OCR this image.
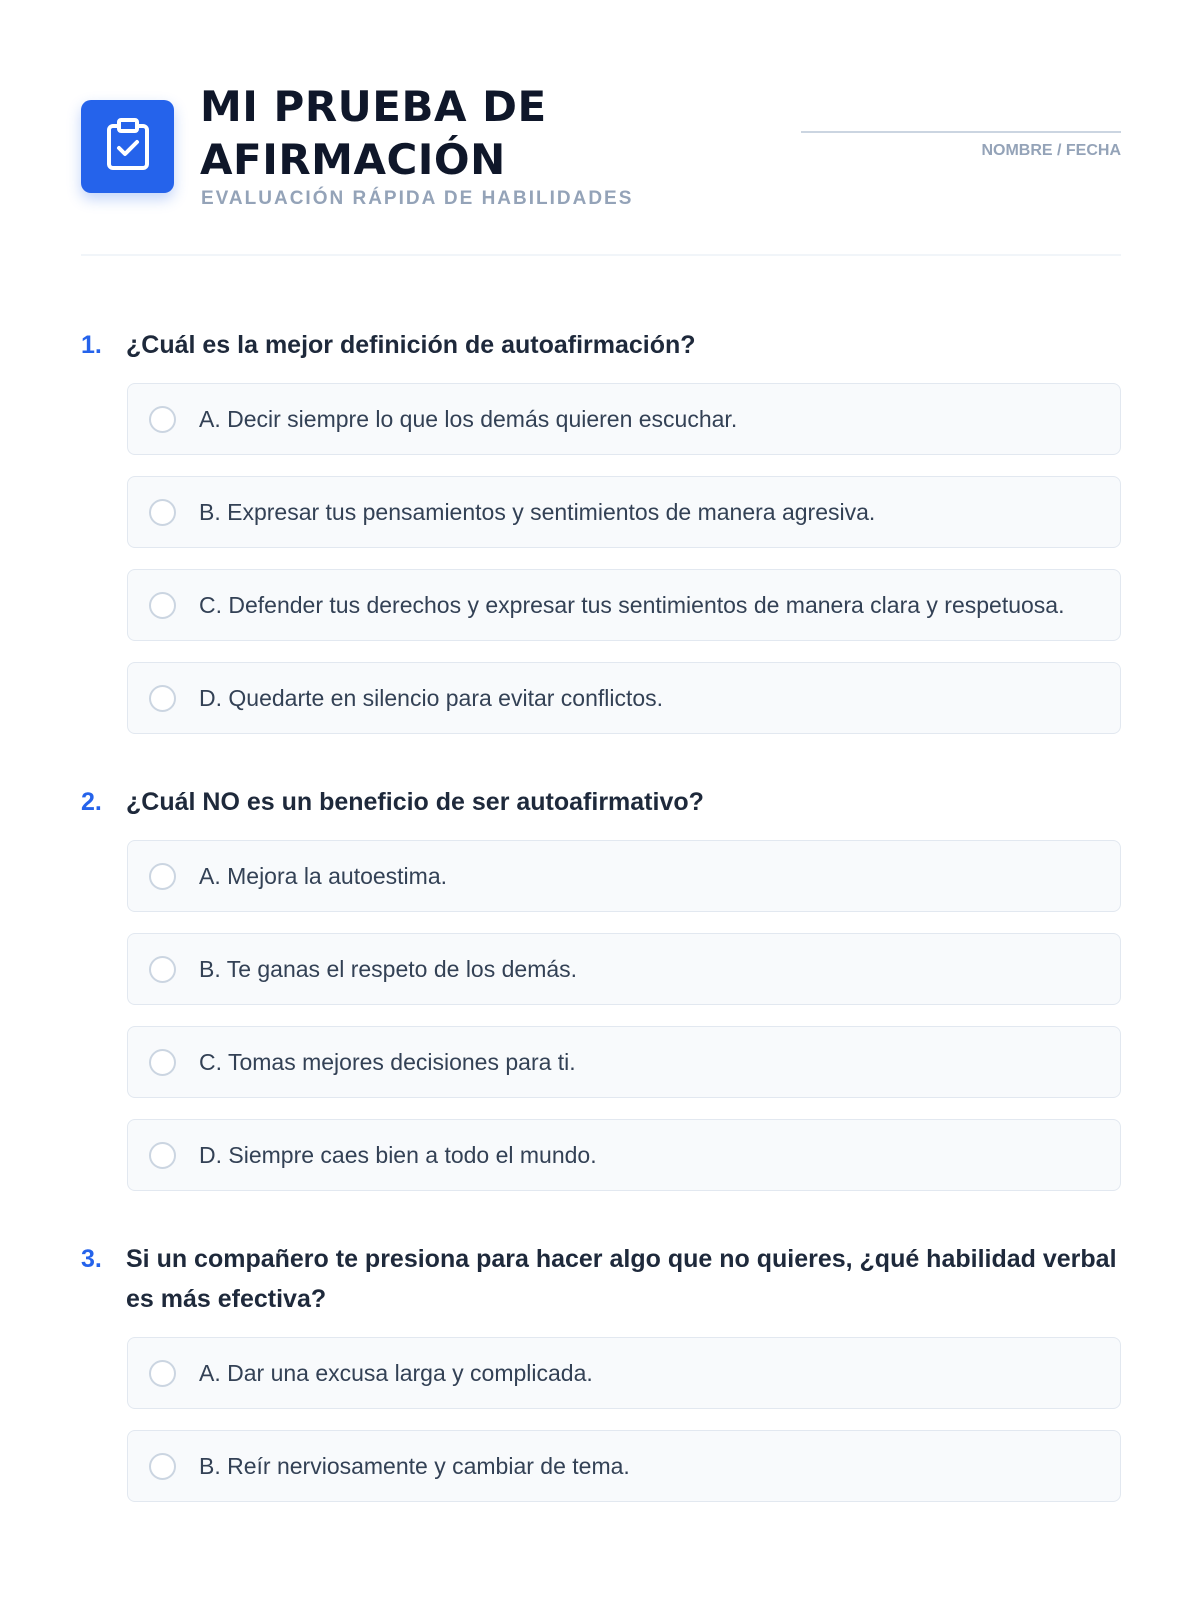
MI PRUEBA DE AFIRMACIÓN
EVALUACIÓN RÁPIDA DE HABILIDADES
NOMBRE / FECHA
1. ¿Cuál es la mejor definición de autoafirmación?
A. Decir siempre lo que los demás quieren escuchar.
B. Expresar tus pensamientos y sentimientos de manera agresiva.
C. Defender tus derechos y expresar tus sentimientos de manera clara y respetuosa.
D. Quedarte en silencio para evitar conflictos.
2. ¿Cuál NO es un beneficio de ser autoafirmativo?
A. Mejora la autoestima.
B. Te ganas el respeto de los demás.
C. Tomas mejores decisiones para ti.
D. Siempre caes bien a todo el mundo.
3. Si un compañero te presiona para hacer algo que no quieres, ¿qué habilidad verbal es más efectiva?
A. Dar una excusa larga y complicada.
B. Reír nerviosamente y cambiar de tema.
